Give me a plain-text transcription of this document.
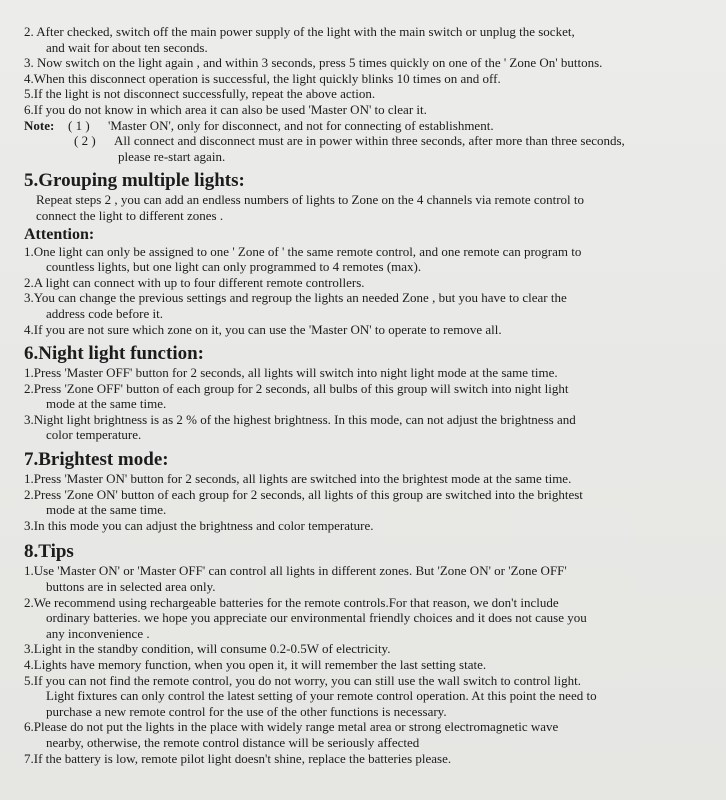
2. After checked, switch off the main power supply of the light with the main switch or unplug the socket,
and wait for about ten seconds.
3. Now switch on the light again , and within 3 seconds, press 5 times quickly on one of the ' Zone On' buttons.
4.When this disconnect operation is successful, the light quickly blinks 10 times on and off.
5.If the light is not disconnect successfully, repeat the above action.
6.If you do not know in which area it can also be used 'Master ON' to clear it.
Note:	( 1 )	'Master ON', only for disconnect, and not for connecting of establishment.
( 2 )	All connect and disconnect must are in power within three seconds, after more than three seconds,
please re-start again.
5.Grouping multiple lights:
Repeat steps 2 , you can add an endless numbers of lights to Zone on the 4 channels via remote control to
connect the light to different zones .
Attention:
1.One light can only be assigned to one ' Zone of ' the same remote control, and one remote can program to
countless lights, but one light can only programmed to 4 remotes (max).
2.A light can connect with up to four different remote controllers.
3.You can change the previous settings and regroup the lights an needed Zone , but you have to clear the
address code before it.
4.If you are not sure which zone on it, you can use the 'Master ON' to operate to remove all.
6.Night light function:
1.Press 'Master OFF' button for 2 seconds, all lights will switch into night light mode at the same time.
2.Press 'Zone OFF' button of each group for 2 seconds, all bulbs of this group will switch into night light
mode at the same time.
3.Night light brightness is as 2 % of the highest brightness. In this mode, can not adjust the brightness and
color temperature.
7.Brightest mode:
1.Press 'Master ON' button for 2 seconds, all lights are switched into the brightest mode at the same time.
2.Press 'Zone ON' button of each group for 2 seconds, all lights of this group are switched into the brightest
mode at the same time.
3.In this mode you can adjust the brightness and color temperature.
8.Tips
1.Use 'Master ON' or 'Master OFF' can control all lights in different zones. But 'Zone ON' or 'Zone OFF'
buttons are in selected area only.
2.We recommend using rechargeable batteries for the remote controls.For that reason, we don't include
ordinary batteries. we hope you appreciate our environmental friendly choices and it does not cause you
any inconvenience .
3.Light in the standby condition, will consume 0.2-0.5W of electricity.
4.Lights have memory function, when you open it, it will remember the last setting state.
5.If you can not find the remote control, you do not worry, you can still use the wall switch to control light.
Light fixtures can only control the latest setting of your remote control operation. At this point the need to
purchase a new remote control for the use of the other functions is necessary.
6.Please do not put the lights in the place with widely range metal area or strong electromagnetic wave
nearby, otherwise, the remote control distance will be seriously affected
7.If the battery is low, remote pilot light doesn't shine, replace the batteries please.
